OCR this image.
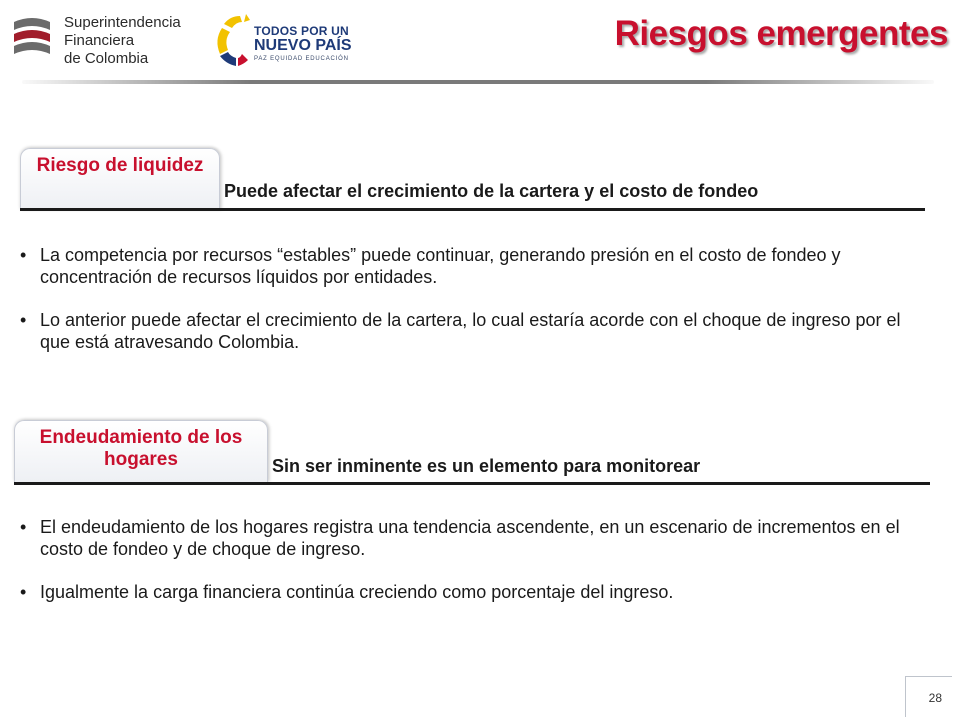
Superintendencia
Financiera
de Colombia
TODOS POR UN
NUEVO PAÍS
PAZ EQUIDAD EDUCACIÓN
Riesgos emergentes
Riesgo de liquidez
Puede afectar el crecimiento de la cartera y el costo de fondeo
• La competencia por recursos “estables” puede continuar, generando presión en el costo de fondeo y concentración de recursos líquidos por entidades.
• Lo anterior puede afectar el crecimiento de la cartera, lo cual estaría acorde con el choque de ingreso por el que está atravesando Colombia.
Endeudamiento de los hogares	Sin ser inminente es un elemento para monitorear
• El endeudamiento de los hogares registra una tendencia ascendente, en un escenario de incrementos en el costo de fondeo y de choque de ingreso.
• Igualmente la carga financiera continúa creciendo como porcentaje del ingreso.
28
